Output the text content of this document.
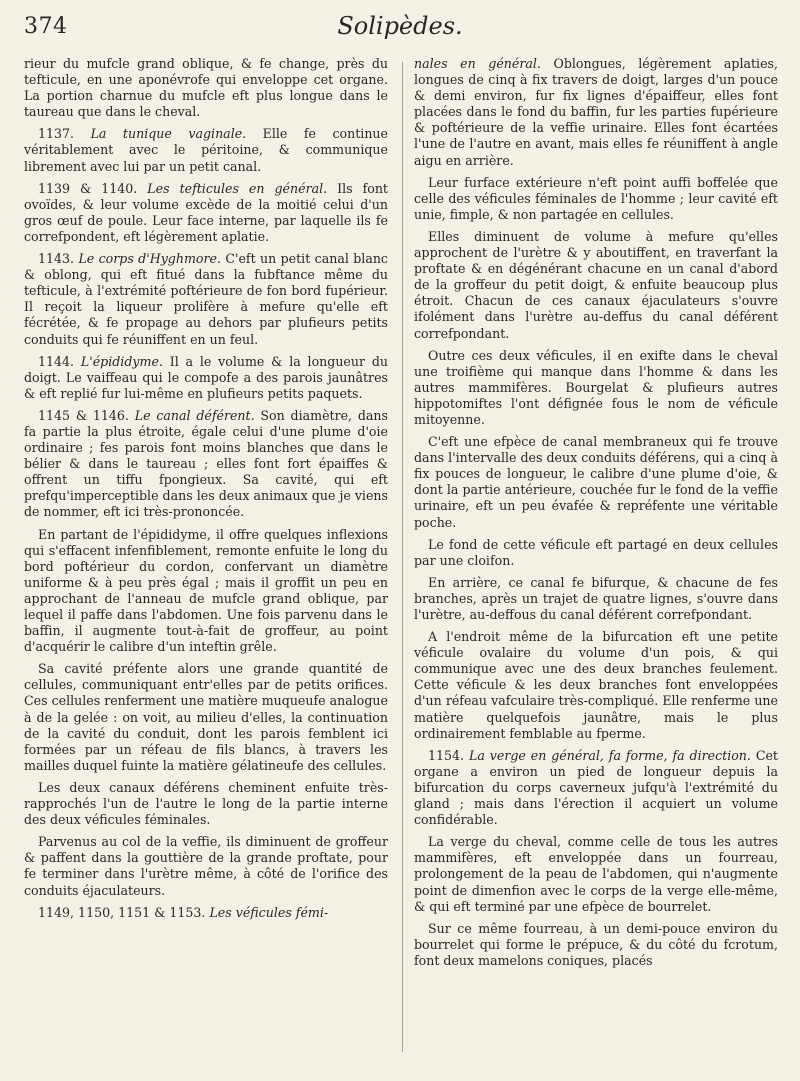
374	Solipèdes.

rieur du mufcle grand oblique, & fe change, près du tefticule, en une aponévrofe qui enveloppe cet organe. La portion charnue du mufcle eft plus longue dans le taureau que dans le cheval.

1137. La tunique vaginale. Elle fe continue véritablement avec le péritoine, & communique librement avec lui par un petit canal.

1139 & 1140. Les tefticules en général. Ils font ovoïdes, & leur volume excède de la moitié celui d'un gros œuf de poule. Leur face interne, par laquelle ils fe correfpondent, eft légèrement aplatie.

1143. Le corps d'Hyghmore. C'eft un petit canal blanc & oblong, qui eft fitué dans la fubftance même du tefticule, à l'extrémité poftérieure de fon bord fupérieur. Il reçoit la liqueur prolifère à mefure qu'elle eft fécrétée, & fe propage au dehors par plufieurs petits conduits qui fe réuniffent en un feul.

1144. L'épididyme. Il a le volume & la longueur du doigt. Le vaiffeau qui le compofe a des parois jaunâtres & eft replié fur lui-même en plufieurs petits paquets.

1145 & 1146. Le canal déférent. Son diamètre, dans fa partie la plus étroite, égale celui d'une plume d'oie ordinaire ; fes parois font moins blanches que dans le bélier & dans le taureau ; elles font fort épaiffes & offrent un tiffu fpongieux. Sa cavité, qui eft prefqu'imperceptible dans les deux animaux que je viens de nommer, eft ici très-prononcée.

En partant de l'épididyme, il offre quelques inflexions qui s'effacent infenfiblement, remonte enfuite le long du bord poftérieur du cordon, confervant un diamètre uniforme & à peu près égal ; mais il groffit un peu en approchant de l'anneau de mufcle grand oblique, par lequel il paffe dans l'abdomen. Une fois parvenu dans le baffin, il augmente tout-à-fait de groffeur, au point d'acquérir le calibre d'un inteftin grêle.

Sa cavité préfente alors une grande quantité de cellules, communiquant entr'elles par de petits orifices. Ces cellules renferment une matière muqueufe analogue à de la gelée : on voit, au milieu d'elles, la continuation de la cavité du conduit, dont les parois femblent ici formées par un réfeau de fils blancs, à travers les mailles duquel fuinte la matière gélatineufe des cellules.

Les deux canaux déférens cheminent enfuite très-rapprochés l'un de l'autre le long de la partie interne des deux véficules féminales.

Parvenus au col de la veffie, ils diminuent de groffeur & paffent dans la gouttière de la grande proftate, pour fe terminer dans l'urètre même, à côté de l'orifice des conduits éjaculateurs.

1149, 1150, 1151 & 1153. Les véficules fémi-

nales en général. Oblongues, légèrement aplaties, longues de cinq à fix travers de doigt, larges d'un pouce & demi environ, fur fix lignes d'épaiffeur, elles font placées dans le fond du baffin, fur les parties fupérieure & poftérieure de la veffie urinaire. Elles font écartées l'une de l'autre en avant, mais elles fe réuniffent à angle aigu en arrière.

Leur furface extérieure n'eft point auffi boffelée que celle des véficules féminales de l'homme ; leur cavité eft unie, fimple, & non partagée en cellules.

Elles diminuent de volume à mefure qu'elles approchent de l'urètre & y aboutiffent, en traverfant la proftate & en dégénérant chacune en un canal d'abord de la groffeur du petit doigt, & enfuite beaucoup plus étroit. Chacun de ces canaux éjaculateurs s'ouvre ifolément dans l'urètre au-deffus du canal déférent correfpondant.

Outre ces deux véficules, il en exifte dans le cheval une troifième qui manque dans l'homme & dans les autres mammifères. Bourgelat & plufieurs autres hippotomiftes l'ont défignée fous le nom de véficule mitoyenne.

C'eft une efpèce de canal membraneux qui fe trouve dans l'intervalle des deux conduits déférens, qui a cinq à fix pouces de longueur, le calibre d'une plume d'oie, & dont la partie antérieure, couchée fur le fond de la veffie urinaire, eft un peu évafée & repréfente une véritable poche.

Le fond de cette véficule eft partagé en deux cellules par une cloifon.

En arrière, ce canal fe bifurque, & chacune de fes branches, après un trajet de quatre lignes, s'ouvre dans l'urètre, au-deffous du canal déférent correfpondant.

A l'endroit même de la bifurcation eft une petite véficule ovalaire du volume d'un pois, & qui communique avec une des deux branches feulement. Cette véficule & les deux branches font enveloppées d'un réfeau vafculaire très-compliqué. Elle renferme une matière quelquefois jaunâtre, mais le plus ordinairement femblable au fperme.

1154. La verge en général, fa forme, fa direction. Cet organe a environ un pied de longueur depuis la bifurcation du corps caverneux jufqu'à l'extrémité du gland ; mais dans l'érection il acquiert un volume confidérable.

La verge du cheval, comme celle de tous les autres mammifères, eft enveloppée dans un fourreau, prolongement de la peau de l'abdomen, qui n'augmente point de dimenfion avec le corps de la verge elle-même, & qui eft terminé par une efpèce de bourrelet.

Sur ce même fourreau, à un demi-pouce environ du bourrelet qui forme le prépuce, & du côté du fcrotum, font deux mamelons coniques, placés
